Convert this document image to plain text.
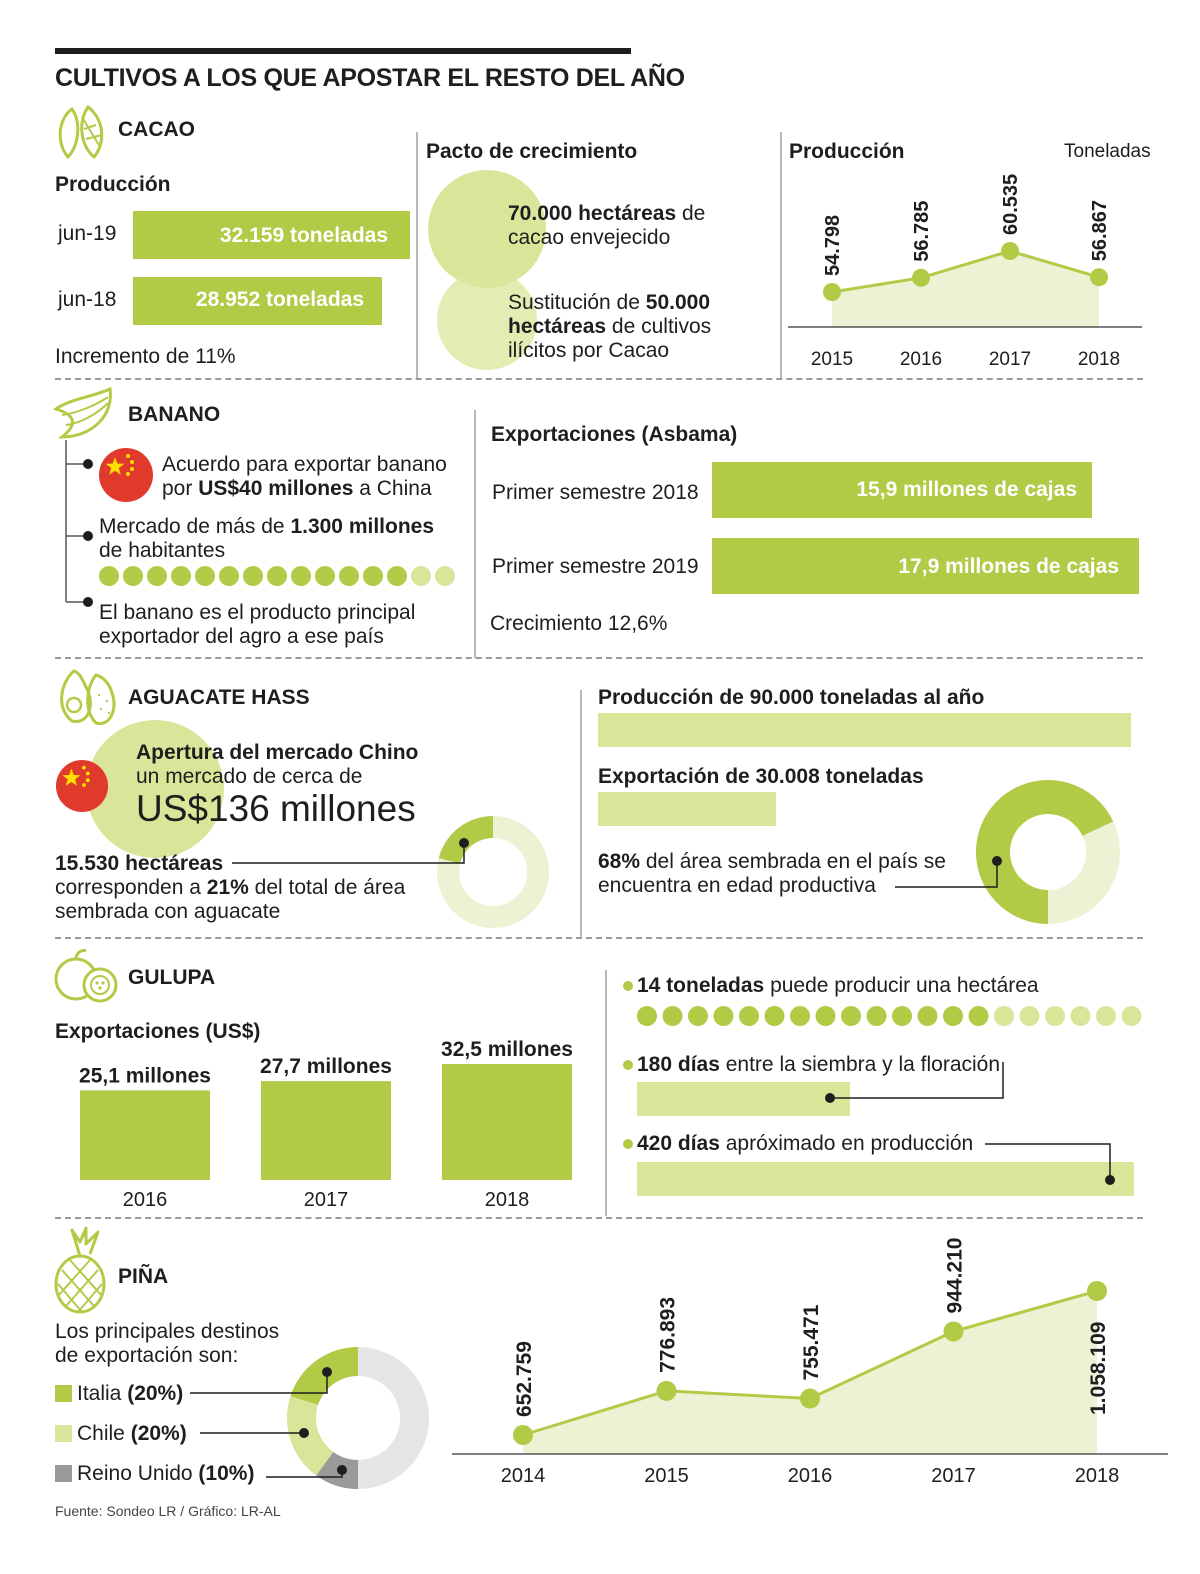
CULTIVOS A LOS QUE APOSTAR EL RESTO DEL AÑO
CACAO
Producción
jun-19	32.159 toneladas
jun-18	28.952 toneladas
Incremento de 11%
Pacto de crecimiento
70.000 hectáreas de
cacao envejecido
Sustitución de 50.000
hectáreas de cultivos
ilícitos por Cacao
Producción	Toneladas
54.798
2015
56.785
2016
60.535
2017
56.867
2018
BANANO
Acuerdo para exportar banano
por US$40 millones a China
Mercado de más de 1.300 millones
de habitantes
El banano es el producto principal
exportador del agro a ese país
Exportaciones (Asbama)
Primer semestre 2018	15,9 millones de cajas
Primer semestre 2019	17,9 millones de cajas
Crecimiento 12,6%
AGUACATE HASS
Apertura del mercado Chino
un mercado de cerca de
US$136 millones
15.530 hectáreas
corresponden a 21% del total de área
sembrada con aguacate
Producción de 90.000 toneladas al año
Exportación de 30.008 toneladas
68% del área sembrada en el país se
encuentra en edad productiva
GULUPA
Exportaciones (US$)
25,1 millones
2016
27,7 millones
2017
32,5 millones
2018
14 toneladas puede producir una hectárea
180 días entre la siembra y la floración
420 días apróximado en producción
PIÑA
Los principales destinos
de exportación son:
Italia (20%)
Chile (20%)
Reino Unido (10%)
652.759
2014
776.893
2015
755.471
2016
944.210
2017
1.058.109
2018
Fuente: Sondeo LR / Gráfico: LR-AL
